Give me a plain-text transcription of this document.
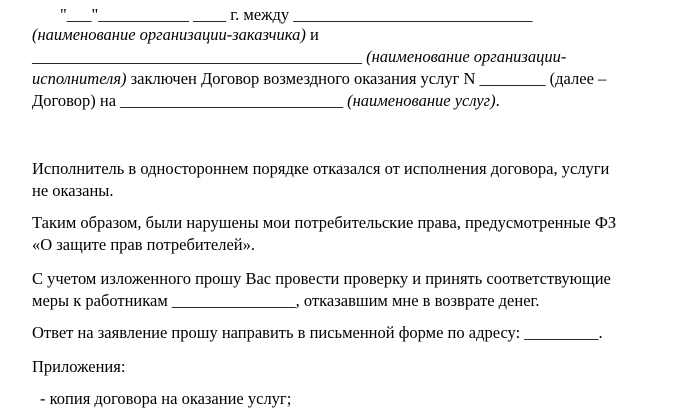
"___"___________ ____ г. между _____________________________
(наименование организации-заказчика) и
________________________________________ (наименование организации-
исполнителя) заключен Договор возмездного оказания услуг N ________ (далее –
Договор) на ___________________________ (наименование услуг).
Исполнитель в одностороннем порядке отказался от исполнения договора, услуги
не оказаны.
Таким образом, были нарушены мои потребительские права, предусмотренные ФЗ
«О защите прав потребителей».
С учетом изложенного прошу Вас провести проверку и принять соответствующие
меры к работникам _______________, отказавшим мне в возврате денег.
Ответ на заявление прошу направить в письменной форме по адресу: _________.
Приложения:
- копия договора на оказание услуг;
